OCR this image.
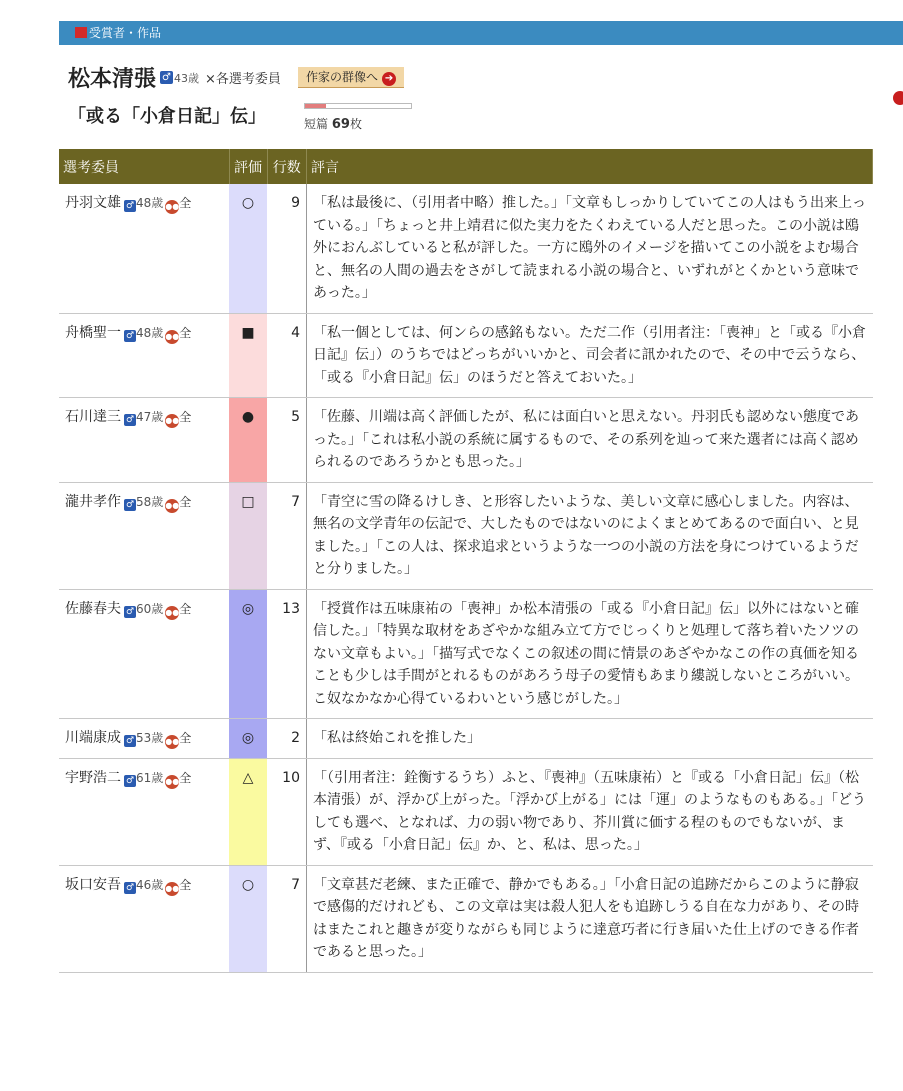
受賞者・作品
松本清張 ♂ 43歳 ×各選考委員 作家の群像へ ➔
「或る「小倉日記」伝」	短篇 69枚
選考委員	評価	行数	評言
丹羽文雄 ♂ 48歳 ●●全	○	9	「私は最後に、（引用者中略）推した。」「文章もしっかりしていてこの人はもう出来上っている。」「ちょっと井上靖君に似た実力をたくわえている人だと思った。この小説は鴎外におんぶしていると私が評した。一方に鴎外のイメージを描いてこの小説をよむ場合と、無名の人間の過去をさがして読まれる小説の場合と、いずれがとくかという意味であった。」
舟橋聖一 ♂ 48歳 ●●全	■	4	「私一個としては、何ンらの感銘もない。ただ二作（引用者注：「喪神」と「或る『小倉日記』伝」）のうちではどっちがいいかと、司会者に訊かれたので、その中で云うなら、「或る『小倉日記』伝」のほうだと答えておいた。」
石川達三 ♂ 47歳 ●●全	●	5	「佐藤、川端は高く評価したが、私には面白いと思えない。丹羽氏も認めない態度であった。」「これは私小説の系統に属するもので、その系列を辿って来た選者には高く認められるのであろうかとも思った。」
瀧井孝作 ♂ 58歳 ●●全	□	7	「青空に雪の降るけしき、と形容したいような、美しい文章に感心しました。内容は、無名の文学青年の伝記で、大したものではないのによくまとめてあるので面白い、と見ました。」「この人は、探求追求というような一つの小説の方法を身につけているようだと分りました。」
佐藤春夫 ♂ 60歳 ●●全	◎	13	「授賞作は五味康祐の「喪神」か松本清張の「或る『小倉日記』伝」以外にはないと確信した。」「特異な取材をあざやかな組み立て方でじっくりと処理して落ち着いたソツのない文章もよい。」「描写式でなくこの叙述の間に情景のあざやかなこの作の真価を知ることも少しは手間がとれるものがあろう母子の愛情もあまり縷説しないところがいい。こ奴なかなか心得ているわいという感じがした。」
川端康成 ♂ 53歳 ●●全	◎	2	「私は終始これを推した」
宇野浩二 ♂ 61歳 ●●全	△	10	「（引用者注：銓衡するうち）ふと、『喪神』（五味康祐）と『或る「小倉日記」伝』（松本清張）が、浮かび上がった。「浮かび上がる」には「運」のようなものもある。」「どうしても選べ、となれば、力の弱い物であり、芥川賞に価する程のものでもないが、まず、『或る「小倉日記」伝』か、と、私は、思った。」
坂口安吾 ♂ 46歳 ●●全	○	7	「文章甚だ老練、また正確で、静かでもある。」「小倉日記の追跡だからこのように静寂で感傷的だけれども、この文章は実は殺人犯人をも追跡しうる自在な力があり、その時はまたこれと趣きが変りながらも同じように達意巧者に行き届いた仕上げのできる作者であると思った。」
